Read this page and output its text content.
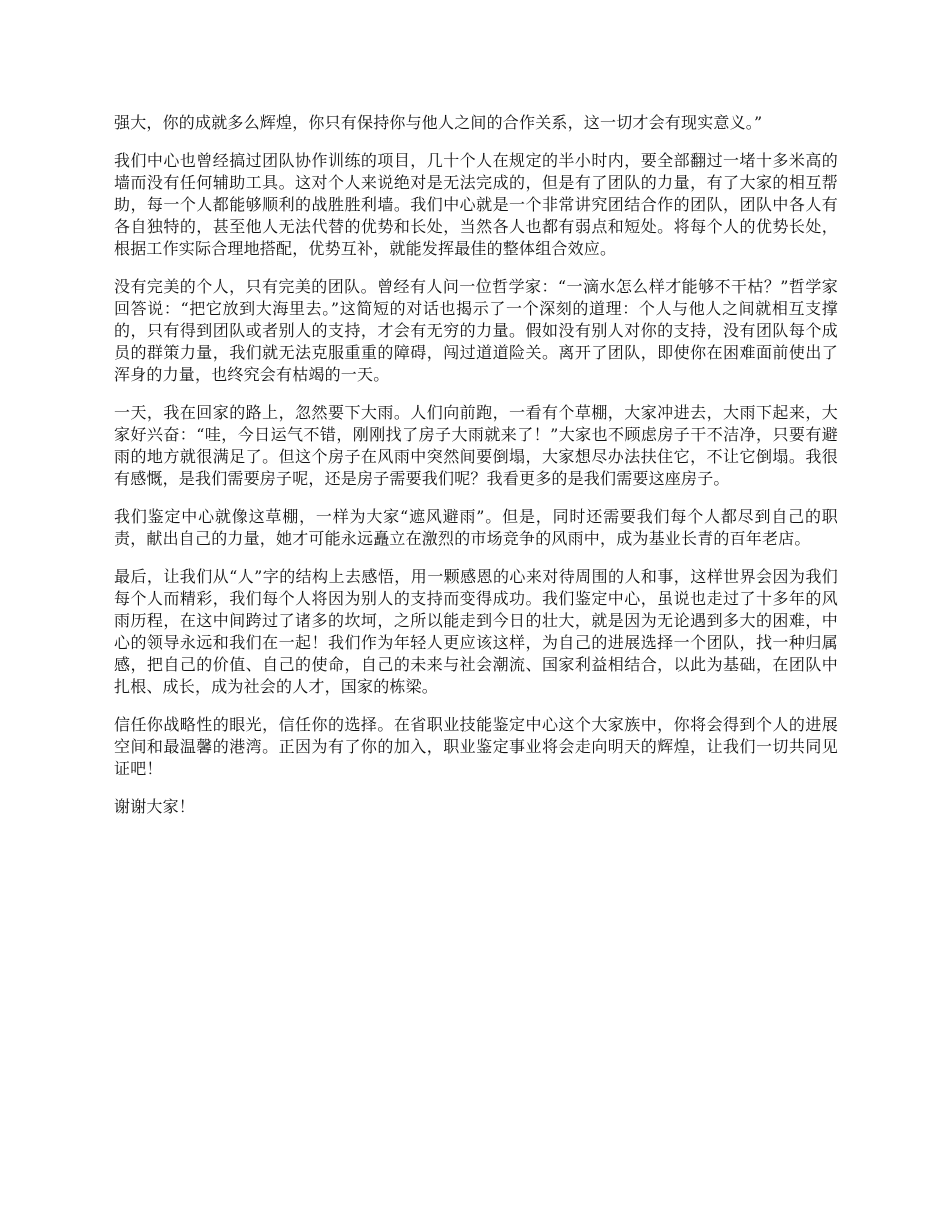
强大，你的成就多么辉煌，你只有保持你与他人之间的合作关系，这一切才会有现实意义。”

我们中心也曾经搞过团队协作训练的项目，几十个人在规定的半小时内，要全部翻过一堵十多米高的墙而没有任何辅助工具。这对个人来说绝对是无法完成的，但是有了团队的力量，有了大家的相互帮助，每一个人都能够顺利的战胜胜利墙。我们中心就是一个非常讲究团结合作的团队，团队中各人有各自独特的，甚至他人无法代替的优势和长处，当然各人也都有弱点和短处。将每个人的优势长处，根据工作实际合理地搭配，优势互补，就能发挥最佳的整体组合效应。

没有完美的个人，只有完美的团队。曾经有人问一位哲学家：“一滴水怎么样才能够不干枯？”哲学家回答说：“把它放到大海里去。”这简短的对话也揭示了一个深刻的道理：个人与他人之间就相互支撑的，只有得到团队或者别人的支持，才会有无穷的力量。假如没有别人对你的支持，没有团队每个成员的群策力量，我们就无法克服重重的障碍，闯过道道险关。离开了团队，即使你在困难面前使出了浑身的力量，也终究会有枯竭的一天。

一天，我在回家的路上，忽然要下大雨。人们向前跑，一看有个草棚，大家冲进去，大雨下起来，大家好兴奋：“哇，今日运气不错，刚刚找了房子大雨就来了！”大家也不顾虑房子干不洁净，只要有避雨的地方就很满足了。但这个房子在风雨中突然间要倒塌，大家想尽办法扶住它，不让它倒塌。我很有感慨，是我们需要房子呢，还是房子需要我们呢？我看更多的是我们需要这座房子。

我们鉴定中心就像这草棚，一样为大家“遮风避雨”。但是，同时还需要我们每个人都尽到自己的职责，献出自己的力量，她才可能永远矗立在激烈的市场竞争的风雨中，成为基业长青的百年老店。

最后，让我们从“人”字的结构上去感悟，用一颗感恩的心来对待周围的人和事，这样世界会因为我们每个人而精彩，我们每个人将因为别人的支持而变得成功。我们鉴定中心，虽说也走过了十多年的风雨历程，在这中间跨过了诸多的坎坷，之所以能走到今日的壮大，就是因为无论遇到多大的困难，中心的领导永远和我们在一起！我们作为年轻人更应该这样，为自己的进展选择一个团队，找一种归属感，把自己的价值、自己的使命，自己的未来与社会潮流、国家利益相结合，以此为基础，在团队中扎根、成长，成为社会的人才，国家的栋梁。

信任你战略性的眼光，信任你的选择。在省职业技能鉴定中心这个大家族中，你将会得到个人的进展空间和最温馨的港湾。正因为有了你的加入，职业鉴定事业将会走向明天的辉煌，让我们一切共同见证吧！

谢谢大家！
